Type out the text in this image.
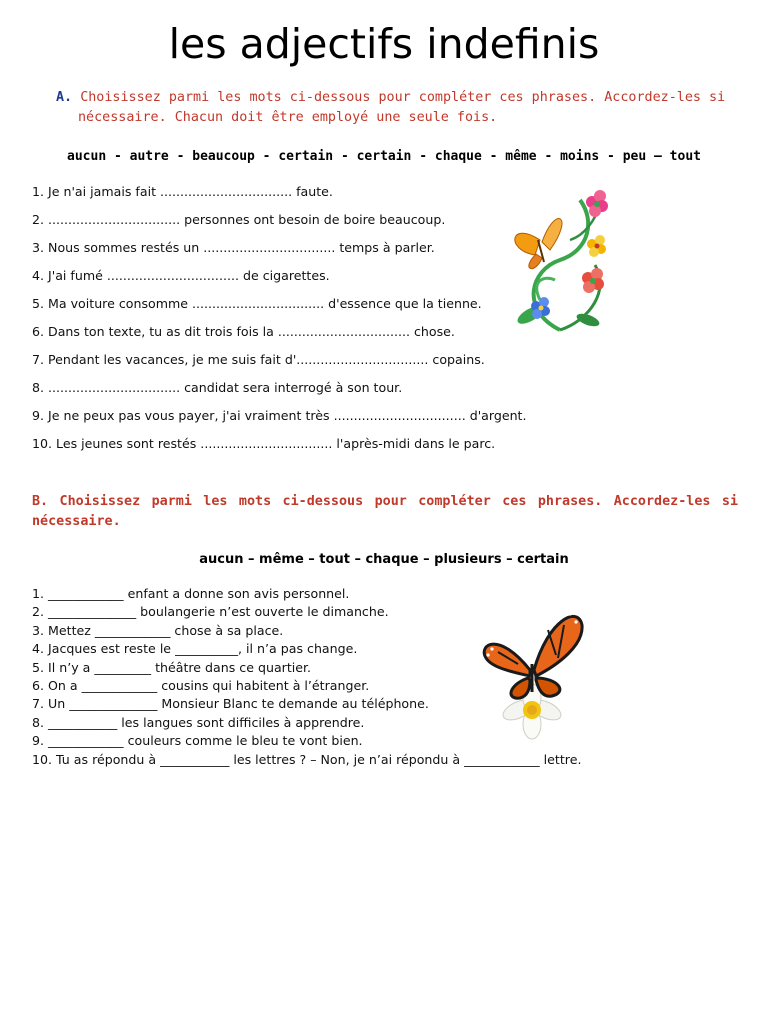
les adjectifs indefinis
A. Choisissez parmi les mots ci-dessous pour compléter ces phrases. Accordez-les si
nécessaire. Chacun doit être employé une seule fois.
aucun - autre - beaucoup - certain - certain - chaque - même - moins - peu – tout
1. Je n'ai jamais fait ................................. faute.
2. ................................. personnes ont besoin de boire beaucoup.
3. Nous sommes restés un ................................. temps à parler.
4. J'ai fumé ................................. de cigarettes.
5. Ma voiture consomme ................................. d'essence que la tienne.
6. Dans ton texte, tu as dit trois fois la ................................. chose.
7. Pendant les vacances, je me suis fait d'................................. copains.
8. ................................. candidat sera interrogé à son tour.
9. Je ne peux pas vous payer, j'ai vraiment très ................................. d'argent.
10. Les jeunes sont restés ................................. l'après-midi dans le parc.
B. Choisissez parmi les mots ci-dessous pour compléter ces phrases. Accordez-les si
nécessaire.
aucun – même – tout – chaque – plusieurs – certain
1. ____________ enfant a donne son avis personnel.
2. ______________ boulangerie n’est ouverte le dimanche.
3. Mettez ____________ chose à sa place.
4. Jacques est reste le __________, il n’a pas change.
5. Il n’y a _________ théâtre dans ce quartier.
6. On a ____________ cousins qui habitent à l’étranger.
7. Un ______________ Monsieur Blanc te demande au téléphone.
8. ___________ les langues sont difficiles à apprendre.
9. ____________ couleurs comme le bleu te vont bien.
10. Tu as répondu à ___________ les lettres ? – Non, je n’ai répondu à ____________ lettre.
